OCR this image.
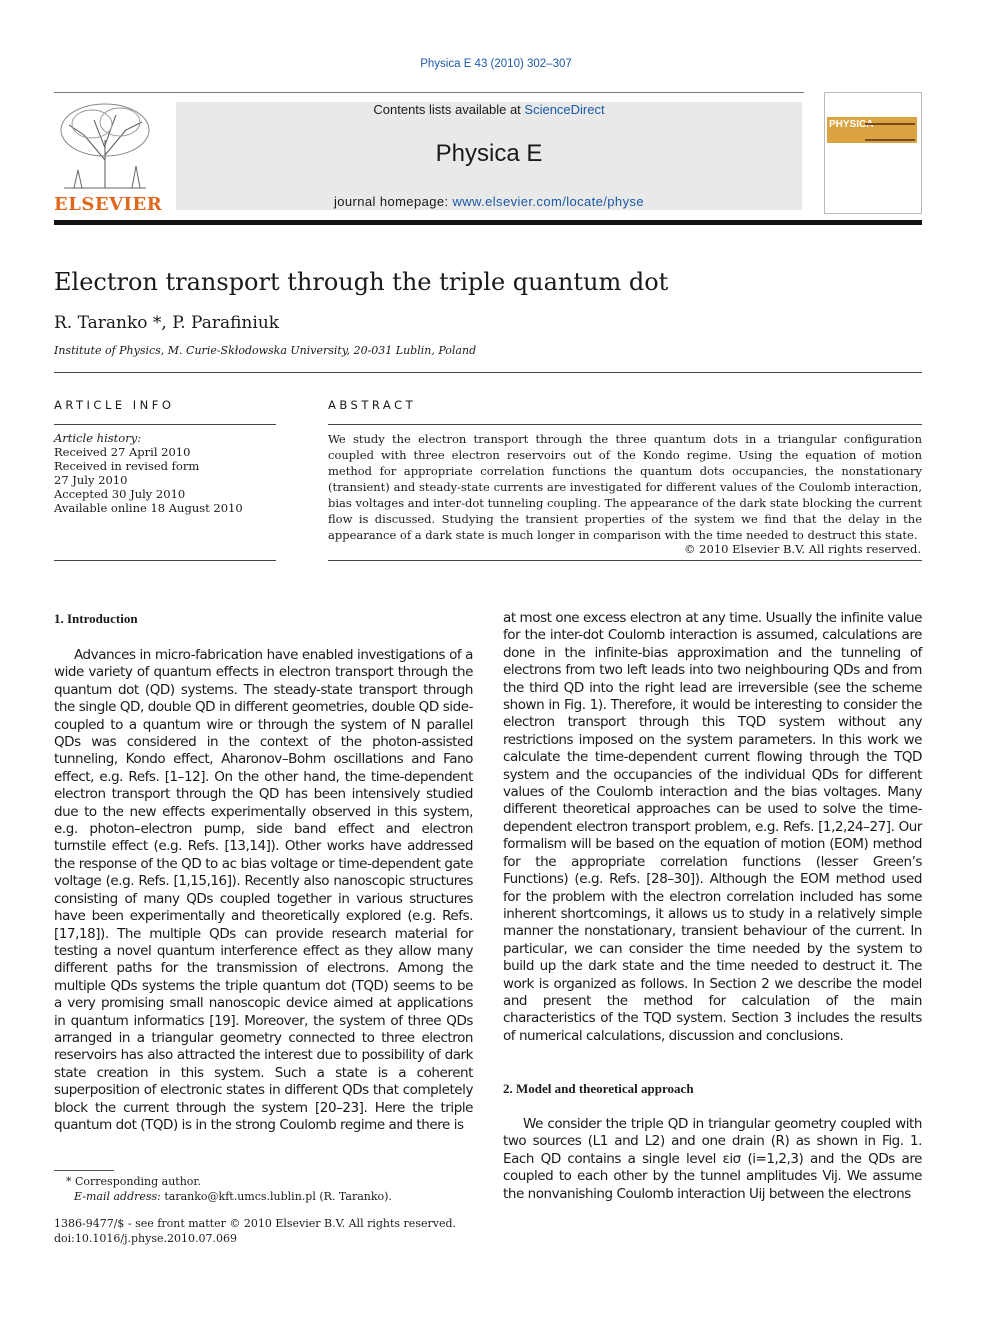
Physica E 43 (2010) 302–307
ELSEVIER
Contents lists available at ScienceDirect
Physica E
journal homepage: www.elsevier.com/locate/physe
PHYSICA
Electron transport through the triple quantum dot
R. Taranko *, P. Parafiniuk
Institute of Physics, M. Curie-Skłodowska University, 20-031 Lublin, Poland
ARTICLE INFO
Article history:
Received 27 April 2010
Received in revised form
27 July 2010
Accepted 30 July 2010
Available online 18 August 2010
ABSTRACT
We study the electron transport through the three quantum dots in a triangular configuration coupled with three electron reservoirs out of the Kondo regime. Using the equation of motion method for appropriate correlation functions the quantum dots occupancies, the nonstationary (transient) and steady-state currents are investigated for different values of the Coulomb interaction, bias voltages and inter-dot tunneling coupling. The appearance of the dark state blocking the current flow is discussed. Studying the transient properties of the system we find that the delay in the appearance of a dark state is much longer in comparison with the time needed to destruct this state.
© 2010 Elsevier B.V. All rights reserved.
1. Introduction

Advances in micro-fabrication have enabled investigations of a wide variety of quantum effects in electron transport through the quantum dot (QD) systems. The steady-state transport through the single QD, double QD in different geometries, double QD side-coupled to a quantum wire or through the system of N parallel QDs was considered in the context of the photon-assisted tunneling, Kondo effect, Aharonov–Bohm oscillations and Fano effect, e.g. Refs. [1–12]. On the other hand, the time-dependent electron transport through the QD has been intensively studied due to the new effects experimentally observed in this system, e.g. photon–electron pump, side band effect and electron turnstile effect (e.g. Refs. [13,14]). Other works have addressed the response of the QD to ac bias voltage or time-dependent gate voltage (e.g. Refs. [1,15,16]). Recently also nanoscopic structures consisting of many QDs coupled together in various structures have been experimentally and theoretically explored (e.g. Refs. [17,18]). The multiple QDs can provide research material for testing a novel quantum interference effect as they allow many different paths for the transmission of electrons. Among the multiple QDs systems the triple quantum dot (TQD) seems to be a very promising small nanoscopic device aimed at applications in quantum informatics [19]. Moreover, the system of three QDs arranged in a triangular geometry connected to three electron reservoirs has also attracted the interest due to possibility of dark state creation in this system. Such a state is a coherent superposition of electronic states in different QDs that completely block the current through the system [20–23]. Here the triple quantum dot (TQD) is in the strong Coulomb regime and there is

at most one excess electron at any time. Usually the infinite value for the inter-dot Coulomb interaction is assumed, calculations are done in the infinite-bias approximation and the tunneling of electrons from two left leads into two neighbouring QDs and from the third QD into the right lead are irreversible (see the scheme shown in Fig. 1). Therefore, it would be interesting to consider the electron transport through this TQD system without any restrictions imposed on the system parameters. In this work we calculate the time-dependent current flowing through the TQD system and the occupancies of the individual QDs for different values of the Coulomb interaction and the bias voltages. Many different theoretical approaches can be used to solve the time-dependent electron transport problem, e.g. Refs. [1,2,24–27]. Our formalism will be based on the equation of motion (EOM) method for the appropriate correlation functions (lesser Green’s Functions) (e.g. Refs. [28–30]). Although the EOM method used for the problem with the electron correlation included has some inherent shortcomings, it allows us to study in a relatively simple manner the nonstationary, transient behaviour of the current. In particular, we can consider the time needed by the system to build up the dark state and the time needed to destruct it. The work is organized as follows. In Section 2 we describe the model and present the method for calculation of the main characteristics of the TQD system. Section 3 includes the results of numerical calculations, discussion and conclusions.

2. Model and theoretical approach

We consider the triple QD in triangular geometry coupled with two sources (L1 and L2) and one drain (R) as shown in Fig. 1. Each QD contains a single level εiσ (i=1,2,3) and the QDs are coupled to each other by the tunnel amplitudes Vij. We assume the nonvanishing Coulomb interaction Uij between the electrons

* Corresponding author.
E-mail address: taranko@kft.umcs.lublin.pl (R. Taranko).
1386-9477/$ - see front matter © 2010 Elsevier B.V. All rights reserved.
doi:10.1016/j.physe.2010.07.069
